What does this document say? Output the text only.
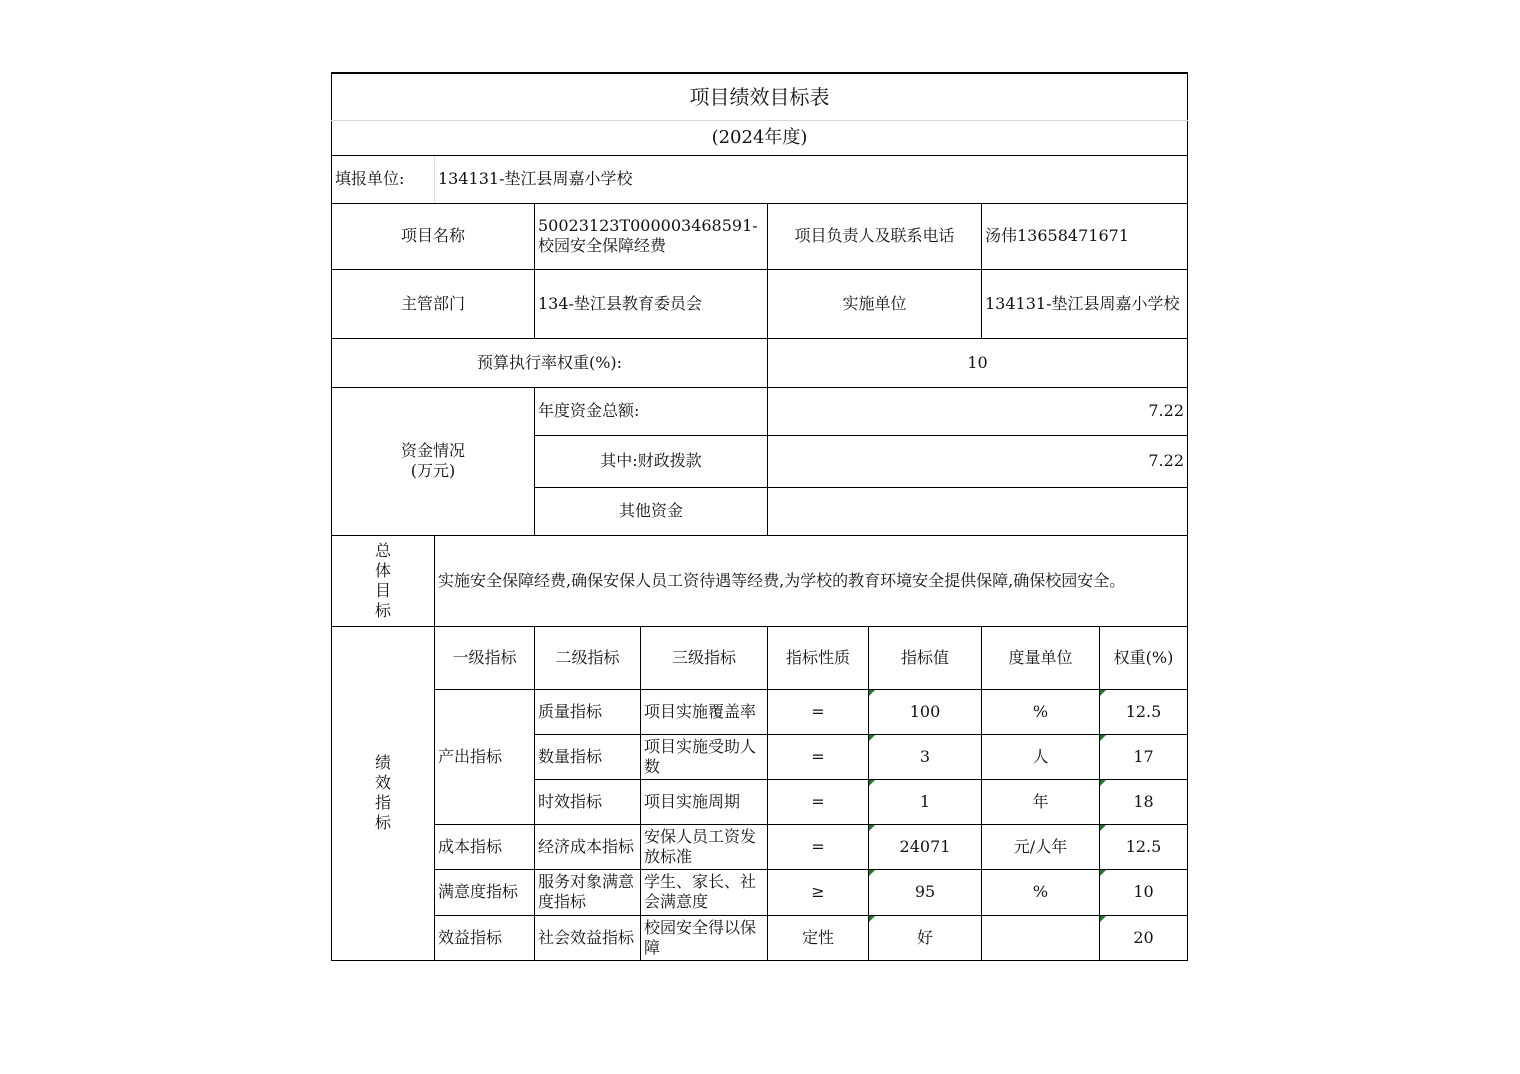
项目绩效目标表							
(2024年度)							
填报单位:	134131-垫江县周嘉小学校						
项目名称		50023123T000003468591-校园安全保障经费		项目负责人及联系电话		汤伟13658471671	
主管部门		134-垫江县教育委员会		实施单位		134131-垫江县周嘉小学校	
预算执行率权重(%):				10			

资金情况
(万元)		年度资金总额:		7.22			
		其中:财政拨款		7.22			
		其他资金					

总
体
目
标	实施安全保障经费,确保安保人员工资待遇等经费,为学校的教育环境安全提供保障,确保校园安全。						

绩
效
指
标	一级指标	二级指标	三级指标	指标性质	指标值	度量单位	权重(%)
	产出指标	质量指标	项目实施覆盖率	=	100	%	12.5
		数量指标	项目实施受助人数	=	3	人	17
		时效指标	项目实施周期	=	1	年	18
	成本指标	经济成本指标	安保人员工资发放标准	=	24071	元/人年	12.5
	满意度指标	服务对象满意度指标	学生、家长、社会满意度	≥	95	%	10
	效益指标	社会效益指标	校园安全得以保障	定性	好		20
